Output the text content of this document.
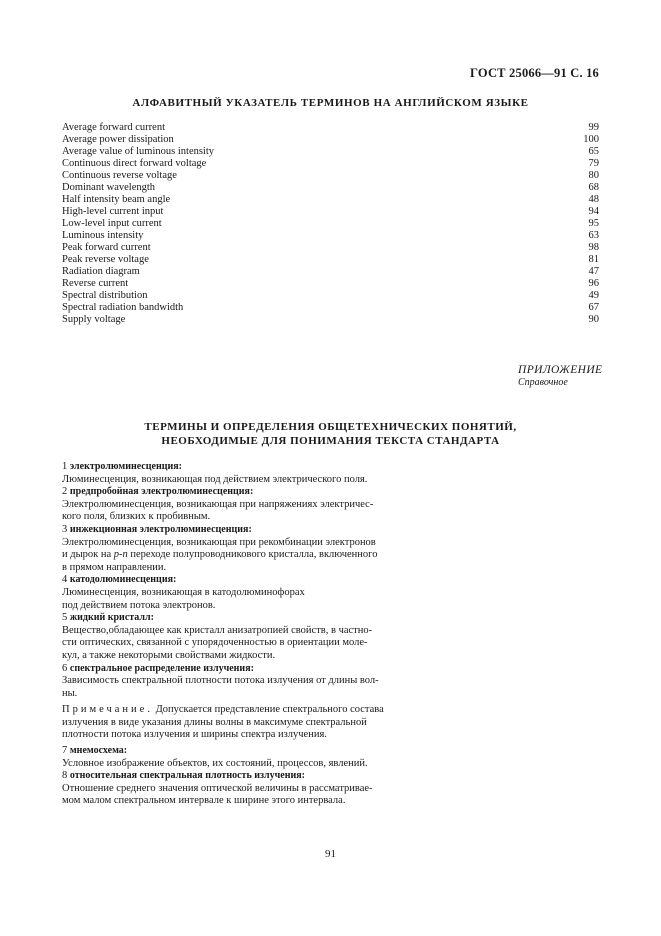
ГОСТ 25066—91 С. 16
АЛФАВИТНЫЙ УКАЗАТЕЛЬ ТЕРМИНОВ НА АНГЛИЙСКОМ ЯЗЫКЕ
Average forward current	99
Average power dissipation	100
Average value of luminous intensity	65
Continuous direct forward voltage	79
Continuous reverse voltage	80
Dominant wavelength	68
Half intensity beam angle	48
High-level current input	94
Low-level input current	95
Luminous intensity	63
Peak forward current	98
Peak reverse voltage	81
Radiation diagram	47
Reverse current	96
Spectral distribution	49
Spectral radiation bandwidth	67
Supply voltage	90
ПРИЛОЖЕНИЕ
Справочное
ТЕРМИНЫ И ОПРЕДЕЛЕНИЯ ОБЩЕТЕХНИЧЕСКИХ ПОНЯТИЙ,
НЕОБХОДИМЫЕ ДЛЯ ПОНИМАНИЯ ТЕКСТА СТАНДАРТА

1 электролюминесценция:

Люминесценция, возникающая под действием электрического поля.

2 предпробойная электролюминесценция:

Электролюминесценция, возникающая при напряжениях электричес-

кого поля, близких к пробивным.

3 инжекционная электролюминесценция:

Электролюминесценция, возникающая при рекомбинации электронов

и дырок на p-n переходе полупроводникового кристалла, включенного

в прямом направлении.

4 катодолюминесценция:

Люминесценция, возникающая в катодолюминофорах

под действием потока электронов.

5 жидкий кристалл:

Вещество,обладающее как кристалл анизатропией свойств, в частно-

сти оптических, связанной с упорядоченностью в ориентации моле-

кул, а также некоторыми свойствами жидкости.

6 спектральное распределение излучения:

Зависимость спектральной плотности потока излучения от длины вол-

ны.

Примечание. Допускается представление спектрального состава

излучения в виде указания длины волны в максимуме спектральной

плотности потока излучения и ширины спектра излучения.

7 мнемосхема:

Условное изображение объектов, их состояний, процессов, явлений.

8 относительная спектральная плотность излучения:

Отношение среднего значения оптической величины в рассматривае-

мом малом спектральном интервале к ширине этого интервала.

91
